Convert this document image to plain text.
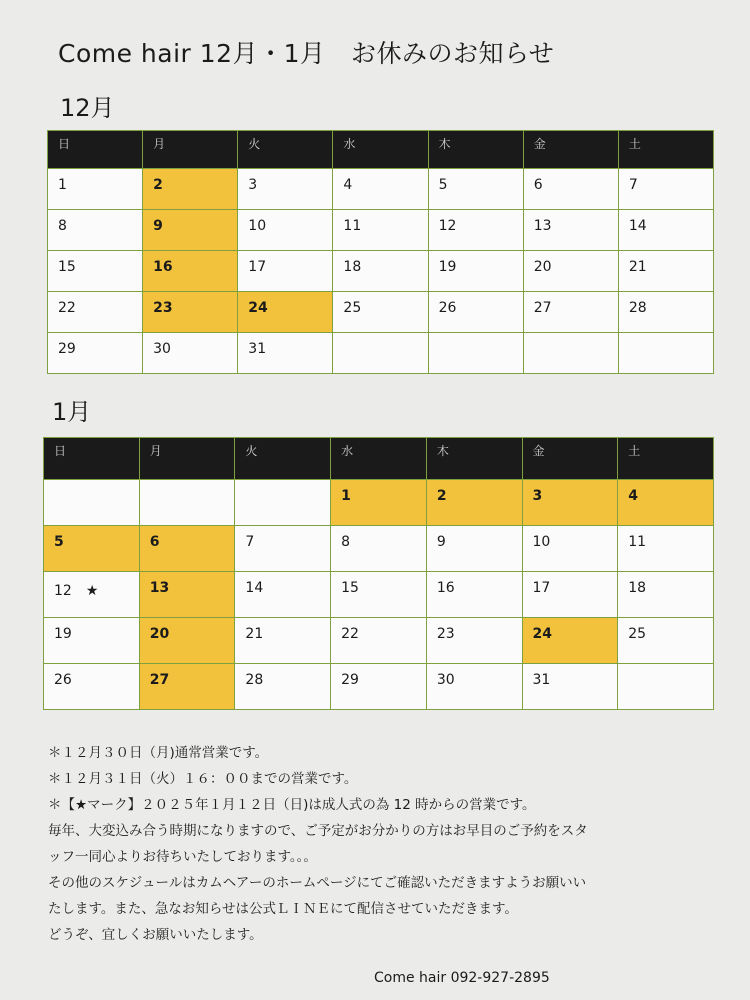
Come hair 12月・1月　お休みのお知らせ
12月
日	月	火	水	木	金	土
1	2	3	4	5	6	7
8	9	10	11	12	13	14
15	16	17	18	19	20	21
22	23	24	25	26	27	28
29	30	31				
1月
日	月	火	水	木	金	土
			1	2	3	4
5	6	7	8	9	10	11
12　★	13	14	15	16	17	18
19	20	21	22	23	24	25
26	27	28	29	30	31	

＊１２月３０日（月)通常営業です。

＊１２月３１日（火）１６：００までの営業です。

＊【★マーク】２０２５年１月１２日（日)は成人式の為 12 時からの営業です。

毎年、大変込み合う時期になりますので、ご予定がお分かりの方はお早目のご予約をスタ

ッフ一同心よりお待ちいたしております。。。

その他のスケジュールはカムヘアーのホームページにてご確認いただきますようお願いい

たします。また、急なお知らせは公式ＬＩＮＥにて配信させていただきます。

どうぞ、宜しくお願いいたします。

Come hair 092-927-2895
